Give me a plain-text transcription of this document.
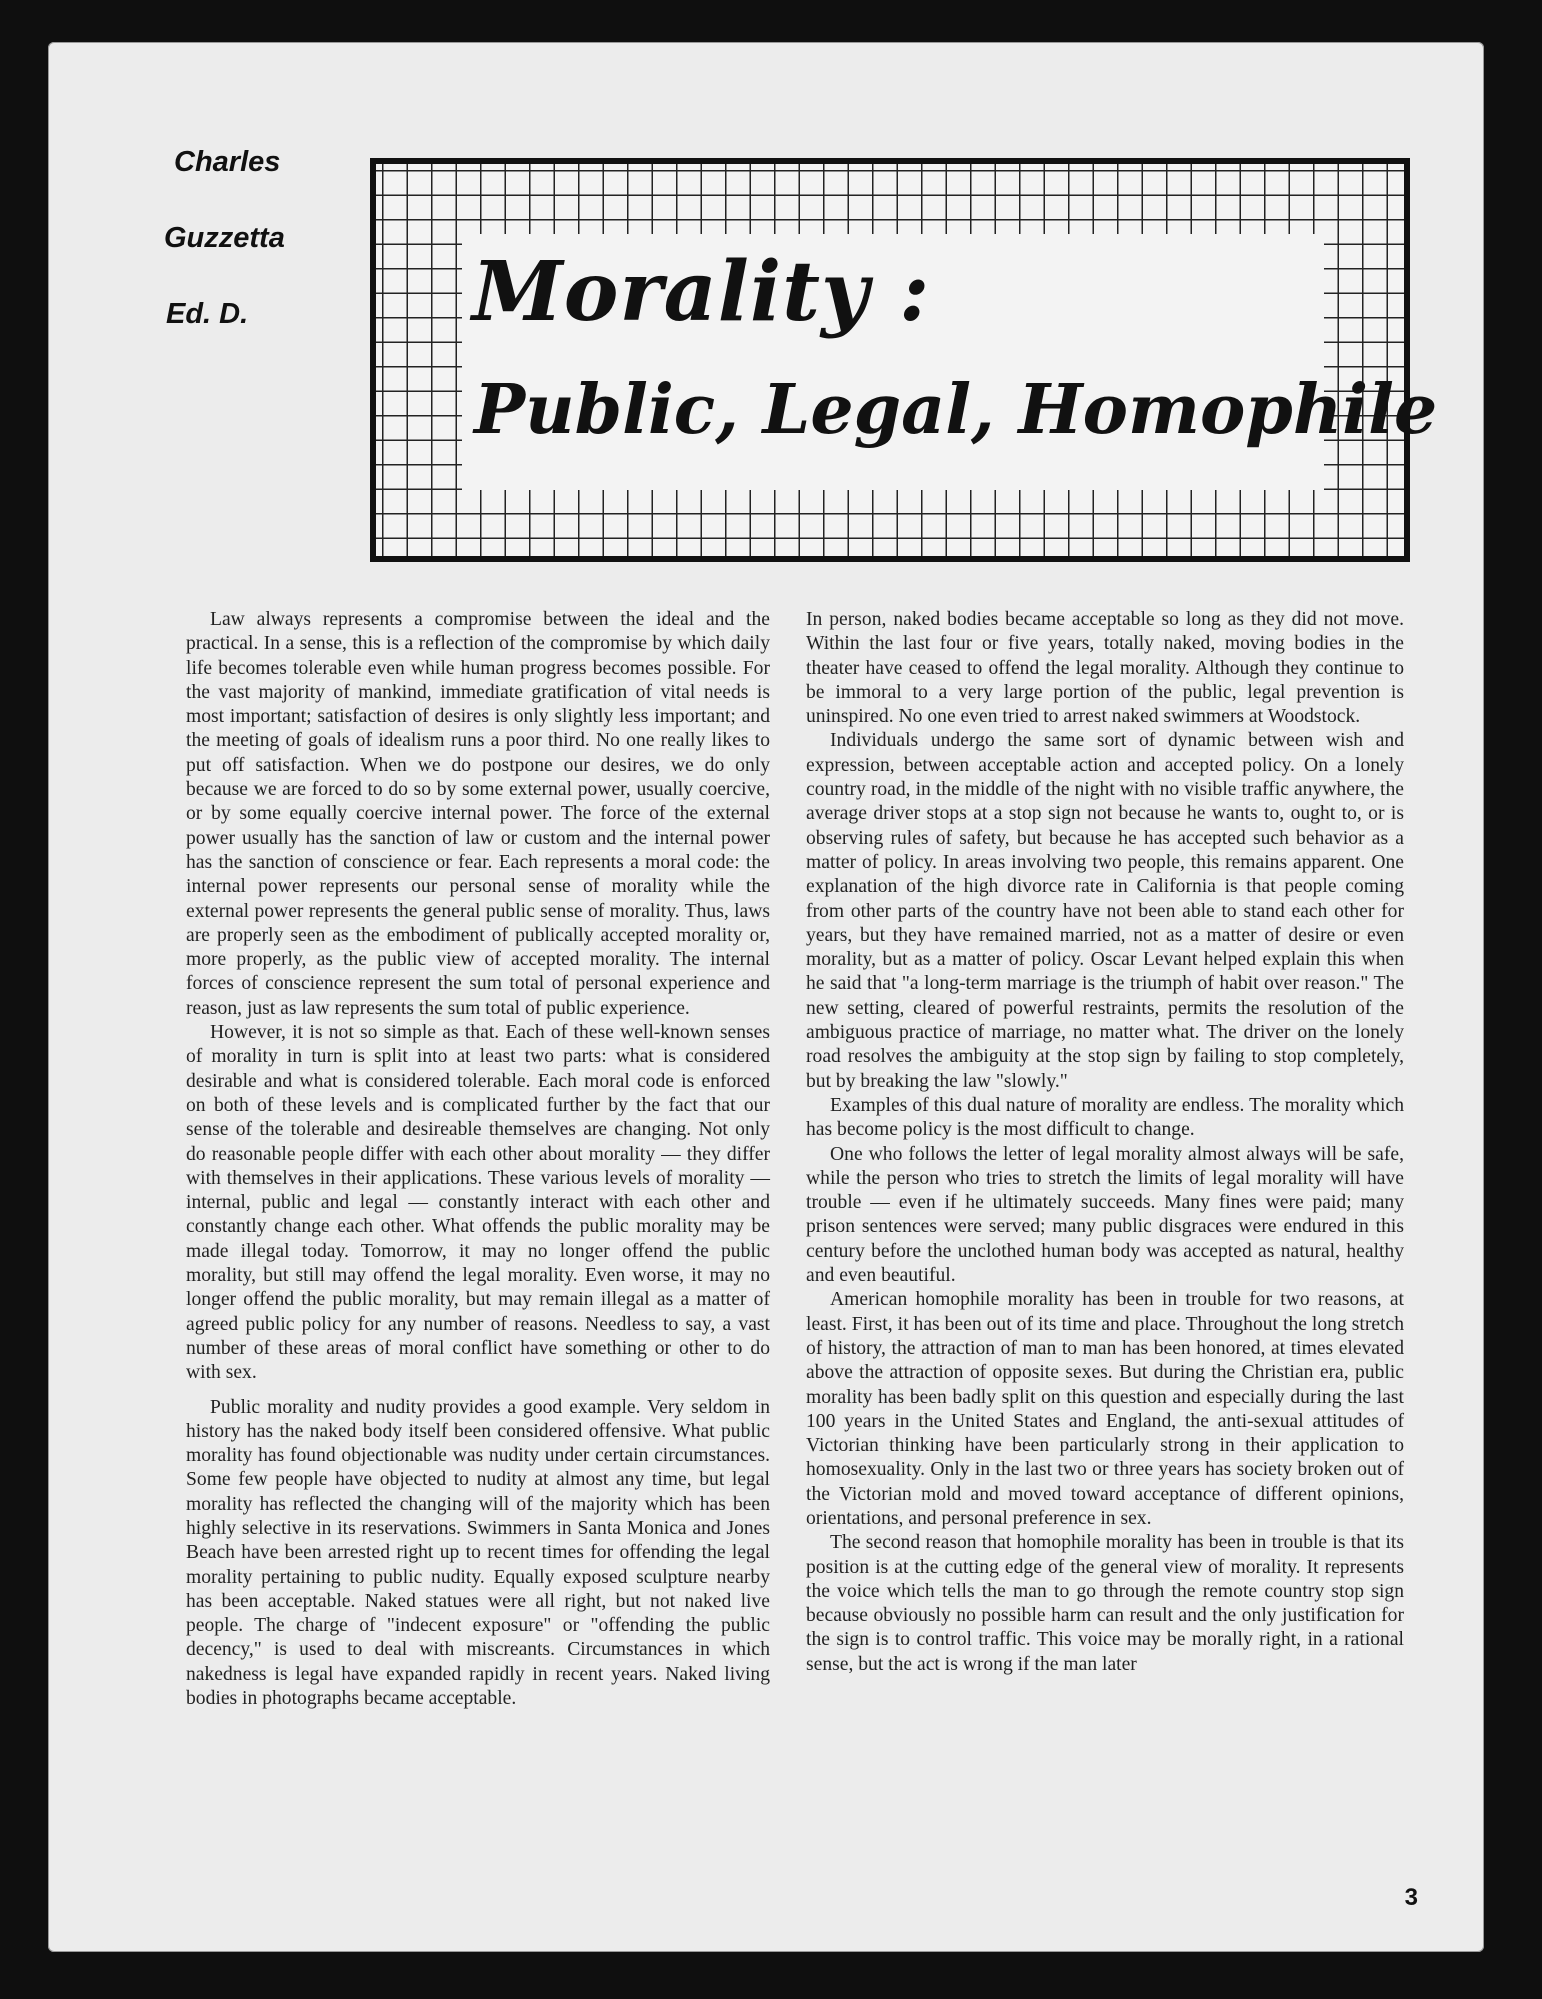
Charles
Guzzetta
Ed. D.	Morality :
Public, Legal, Homophile

Law always represents a compromise between the ideal and the practical. In a sense, this is a reflection of the compromise by which daily life becomes tolerable even while human progress becomes possible. For the vast majority of mankind, immediate gratification of vital needs is most important; satisfaction of desires is only slightly less important; and the meeting of goals of idealism runs a poor third. No one really likes to put off satisfaction. When we do postpone our desires, we do only because we are forced to do so by some external power, usually coercive, or by some equally coercive internal power. The force of the external power usually has the sanction of law or custom and the internal power has the sanction of conscience or fear. Each represents a moral code: the internal power represents our personal sense of morality while the external power represents the general public sense of morality. Thus, laws are properly seen as the embodiment of publically accepted morality or, more properly, as the public view of accepted morality. The internal forces of conscience represent the sum total of personal experience and reason, just as law represents the sum total of public experience.

However, it is not so simple as that. Each of these well-known senses of morality in turn is split into at least two parts: what is considered desirable and what is considered tolerable. Each moral code is enforced on both of these levels and is complicated further by the fact that our sense of the tolerable and desireable themselves are changing. Not only do reasonable people differ with each other about morality — they differ with themselves in their applications. These various levels of morality — internal, public and legal — constantly interact with each other and constantly change each other. What offends the public morality may be made illegal today. Tomorrow, it may no longer offend the public morality, but still may offend the legal morality. Even worse, it may no longer offend the public morality, but may remain illegal as a matter of agreed public policy for any number of reasons. Needless to say, a vast number of these areas of moral conflict have something or other to do with sex.

Public morality and nudity provides a good example. Very seldom in history has the naked body itself been considered offensive. What public morality has found objectionable was nudity under certain circumstances. Some few people have objected to nudity at almost any time, but legal morality has reflected the changing will of the majority which has been highly selective in its reservations. Swimmers in Santa Monica and Jones Beach have been arrested right up to recent times for offending the legal morality pertaining to public nudity. Equally exposed sculpture nearby has been acceptable. Naked statues were all right, but not naked live people. The charge of "indecent exposure" or "offending the public decency," is used to deal with miscreants. Circumstances in which nakedness is legal have expanded rapidly in recent years. Naked living bodies in photographs became acceptable.

In person, naked bodies became acceptable so long as they did not move. Within the last four or five years, totally naked, moving bodies in the theater have ceased to offend the legal morality. Although they continue to be immoral to a very large portion of the public, legal prevention is uninspired. No one even tried to arrest naked swimmers at Woodstock.

Individuals undergo the same sort of dynamic between wish and expression, between acceptable action and accepted policy. On a lonely country road, in the middle of the night with no visible traffic anywhere, the average driver stops at a stop sign not because he wants to, ought to, or is observing rules of safety, but because he has accepted such behavior as a matter of policy. In areas involving two people, this remains apparent. One explanation of the high divorce rate in California is that people coming from other parts of the country have not been able to stand each other for years, but they have remained married, not as a matter of desire or even morality, but as a matter of policy. Oscar Levant helped explain this when he said that "a long-term marriage is the triumph of habit over reason." The new setting, cleared of powerful restraints, permits the resolution of the ambiguous practice of marriage, no matter what. The driver on the lonely road resolves the ambiguity at the stop sign by failing to stop completely, but by breaking the law "slowly."

Examples of this dual nature of morality are endless. The morality which has become policy is the most difficult to change.

One who follows the letter of legal morality almost always will be safe, while the person who tries to stretch the limits of legal morality will have trouble — even if he ultimately succeeds. Many fines were paid; many prison sentences were served; many public disgraces were endured in this century before the unclothed human body was accepted as natural, healthy and even beautiful.

American homophile morality has been in trouble for two reasons, at least. First, it has been out of its time and place. Throughout the long stretch of history, the attraction of man to man has been honored, at times elevated above the attraction of opposite sexes. But during the Christian era, public morality has been badly split on this question and especially during the last 100 years in the United States and England, the anti-sexual attitudes of Victorian thinking have been particularly strong in their application to homosexuality. Only in the last two or three years has society broken out of the Victorian mold and moved toward acceptance of different opinions, orientations, and personal preference in sex.

The second reason that homophile morality has been in trouble is that its position is at the cutting edge of the general view of morality. It represents the voice which tells the man to go through the remote country stop sign because obviously no possible harm can result and the only justification for the sign is to control traffic. This voice may be morally right, in a rational sense, but the act is wrong if the man later

3
